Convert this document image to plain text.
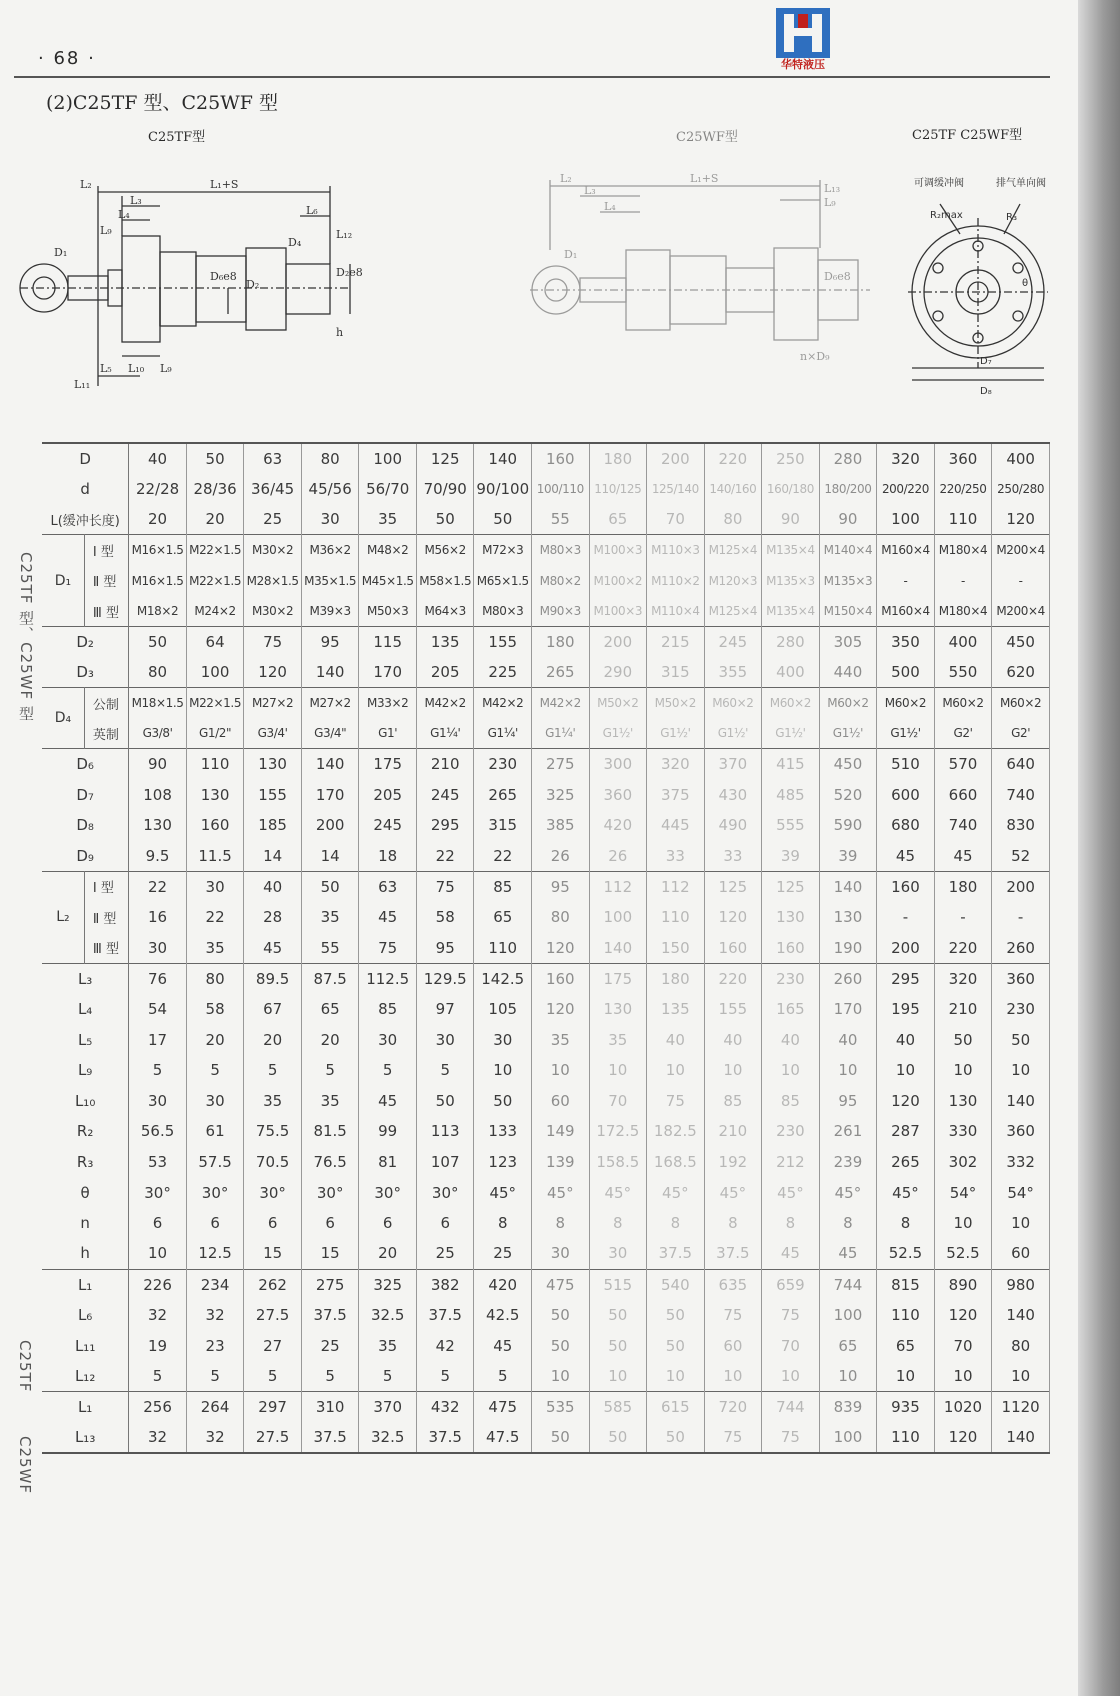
· 68 ·	华特液压
(2)C25TF 型、C25WF 型
C25TF型	C25WF型	C25TF C25WF型
L₁+S
L₂
L₃
L₄
L₉
L₆
L₁₂
D₄
D₁
D₆e8
D₂
D₂e8
h
L₅ L₁₀ L₉
L₁₁
L₁+S
L₂
L₃
L₄
L₁₃
L₉
D₆e8
D₁
n×D₉
可调缓冲阀	排气单向阀
R₂max	R₃
θ
D₇
D₈
C25TF 型、C25WF 型
C25TF
C25WF
D		40	50	63	80	100	125	140	160	180	200	220	250	280	320	360	400
d		22/28	28/36	36/45	45/56	56/70	70/90	90/100	100/110	110/125	125/140	140/160	160/180	180/200	200/220	220/250	250/280
L(缓冲长度)		20	20	25	30	35	50	50	55	65	70	80	90	90	100	110	120
D₁	Ⅰ 型	M16×1.5	M22×1.5	M30×2	M36×2	M48×2	M56×2	M72×3	M80×3	M100×3	M110×3	M125×4	M135×4	M140×4	M160×4	M180×4	M200×4
	Ⅱ 型	M16×1.5	M22×1.5	M28×1.5	M35×1.5	M45×1.5	M58×1.5	M65×1.5	M80×2	M100×2	M110×2	M120×3	M135×3	M135×3	-	-	-
	Ⅲ 型	M18×2	M24×2	M30×2	M39×3	M50×3	M64×3	M80×3	M90×3	M100×3	M110×4	M125×4	M135×4	M150×4	M160×4	M180×4	M200×4
D₂		50	64	75	95	115	135	155	180	200	215	245	280	305	350	400	450
D₃		80	100	120	140	170	205	225	265	290	315	355	400	440	500	550	620
D₄	公制	M18×1.5	M22×1.5	M27×2	M27×2	M33×2	M42×2	M42×2	M42×2	M50×2	M50×2	M60×2	M60×2	M60×2	M60×2	M60×2	M60×2
	英制	G3/8'	G1/2"	G3/4'	G3/4"	G1'	G1¼'	G1¼'	G1¼'	G1½'	G1½'	G1½'	G1½'	G1½'	G1½'	G2'	G2'
D₆		90	110	130	140	175	210	230	275	300	320	370	415	450	510	570	640
D₇		108	130	155	170	205	245	265	325	360	375	430	485	520	600	660	740
D₈		130	160	185	200	245	295	315	385	420	445	490	555	590	680	740	830
D₉		9.5	11.5	14	14	18	22	22	26	26	33	33	39	39	45	45	52
L₂	Ⅰ 型	22	30	40	50	63	75	85	95	112	112	125	125	140	160	180	200
	Ⅱ 型	16	22	28	35	45	58	65	80	100	110	120	130	130	-	-	-
	Ⅲ 型	30	35	45	55	75	95	110	120	140	150	160	160	190	200	220	260
L₃		76	80	89.5	87.5	112.5	129.5	142.5	160	175	180	220	230	260	295	320	360
L₄		54	58	67	65	85	97	105	120	130	135	155	165	170	195	210	230
L₅		17	20	20	20	30	30	30	35	35	40	40	40	40	40	50	50
L₉		5	5	5	5	5	5	10	10	10	10	10	10	10	10	10	10
L₁₀		30	30	35	35	45	50	50	60	70	75	85	85	95	120	130	140
R₂		56.5	61	75.5	81.5	99	113	133	149	172.5	182.5	210	230	261	287	330	360
R₃		53	57.5	70.5	76.5	81	107	123	139	158.5	168.5	192	212	239	265	302	332
θ		30°	30°	30°	30°	30°	30°	45°	45°	45°	45°	45°	45°	45°	45°	54°	54°
n		6	6	6	6	6	6	8	8	8	8	8	8	8	8	10	10
h		10	12.5	15	15	20	25	25	30	30	37.5	37.5	45	45	52.5	52.5	60
L₁		226	234	262	275	325	382	420	475	515	540	635	659	744	815	890	980
L₆		32	32	27.5	37.5	32.5	37.5	42.5	50	50	50	75	75	100	110	120	140
L₁₁		19	23	27	25	35	42	45	50	50	50	60	70	65	65	70	80
L₁₂		5	5	5	5	5	5	5	10	10	10	10	10	10	10	10	10
L₁		256	264	297	310	370	432	475	535	585	615	720	744	839	935	1020	1120
L₁₃		32	32	27.5	37.5	32.5	37.5	47.5	50	50	50	75	75	100	110	120	140
